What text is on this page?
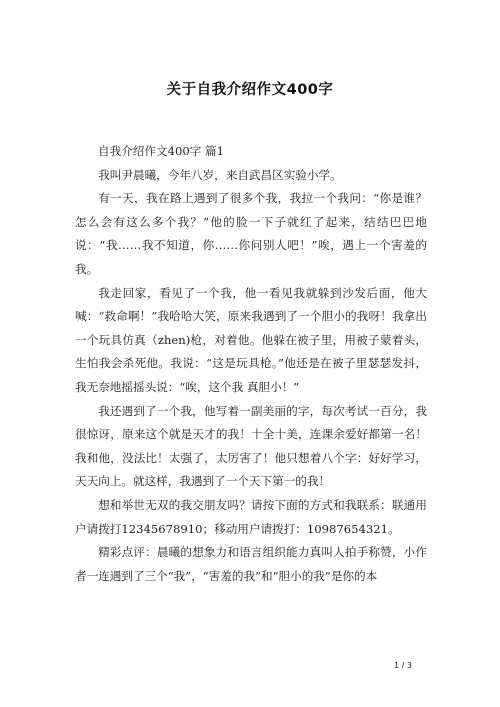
关于自我介绍作文400字

自我介绍作文400字 篇1

我叫尹晨曦，今年八岁，来自武昌区实验小学。

有一天，我在路上遇到了很多个我，我拉一个我问：“你是谁？怎么会有这么多个我？”他的脸一下子就红了起来，结结巴巴地说：“我……我不知道，你……你问别人吧！”唉，遇上一个害羞的我。

我走回家，看见了一个我，他一看见我就躲到沙发后面，他大喊：“救命啊！”我哈哈大笑，原来我遇到了一个胆小的我呀！我拿出一个玩具仿真（zhen)枪，对着他。他躲在被子里，用被子蒙着头，生怕我会杀死他。我说：“这是玩具枪。”他还是在被子里瑟瑟发抖，我无奈地摇摇头说：“唉，这个我 真胆小！”

我还遇到了一个我，他写着一副美丽的字，每次考试一百分，我很惊讶，原来这个就是天才的我！十全十美，连课余爱好都第一名！我和他，没法比！太强了，太厉害了！他只想着八个字：好好学习，天天向上。就这样，我遇到了一个天下第一的我！

想和举世无双的我交朋友吗？请按下面的方式和我联系：联通用户请拨打12345678910；移动用户请拨打：10987654321。

精彩点评：晨曦的想象力和语言组织能力真叫人拍手称赞，小作者一连遇到了三个“我”，“害羞的我”和“胆小的我”是你的本

1 / 3
